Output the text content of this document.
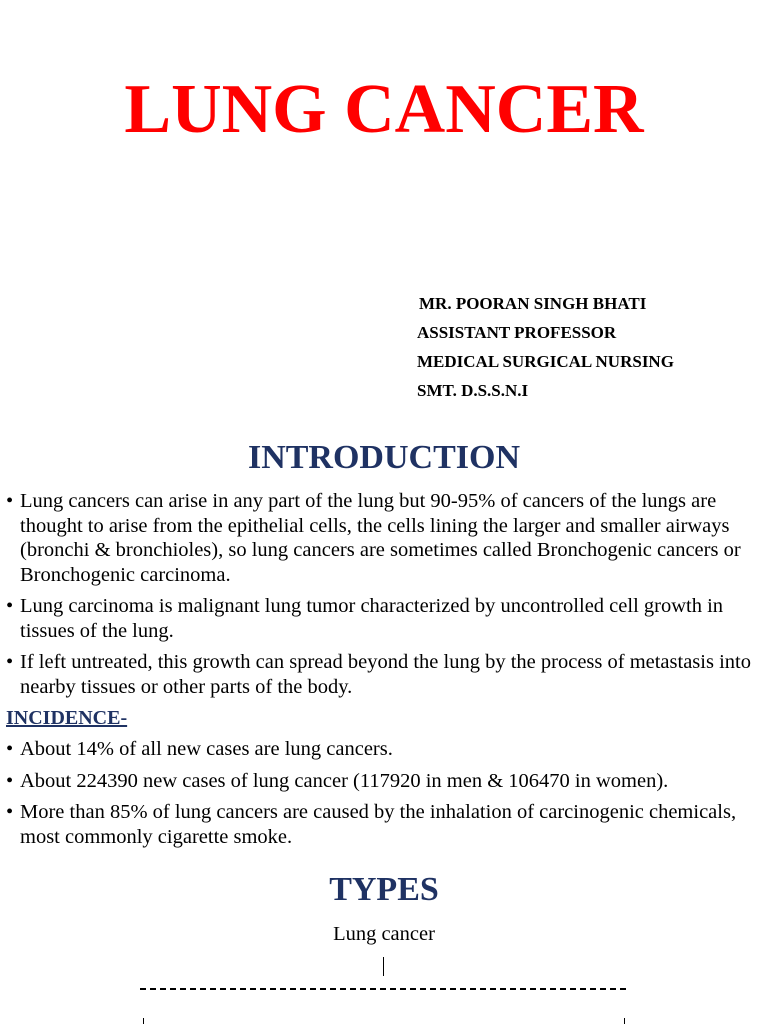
LUNG CANCER
MR. POORAN SINGH BHATI
ASSISTANT PROFESSOR
MEDICAL SURGICAL NURSING
SMT. D.S.S.N.I
INTRODUCTION
• Lung cancers can arise in any part of the lung but 90-95% of cancers of the lungs are thought to arise from the epithelial cells, the cells lining the larger and smaller airways (bronchi & bronchioles), so lung cancers are sometimes called Bronchogenic cancers or Bronchogenic carcinoma.
• Lung carcinoma is malignant lung tumor characterized by uncontrolled cell growth in tissues of the lung.
• If left untreated, this growth can spread beyond the lung by the process of metastasis into nearby tissues or other parts of the body.
INCIDENCE-
• About 14% of all new cases are lung cancers.
• About 224390 new cases of lung cancer (117920 in men & 106470 in women).
• More than 85% of lung cancers are caused by the inhalation of carcinogenic chemicals, most commonly cigarette smoke.
TYPES

Lung cancer
